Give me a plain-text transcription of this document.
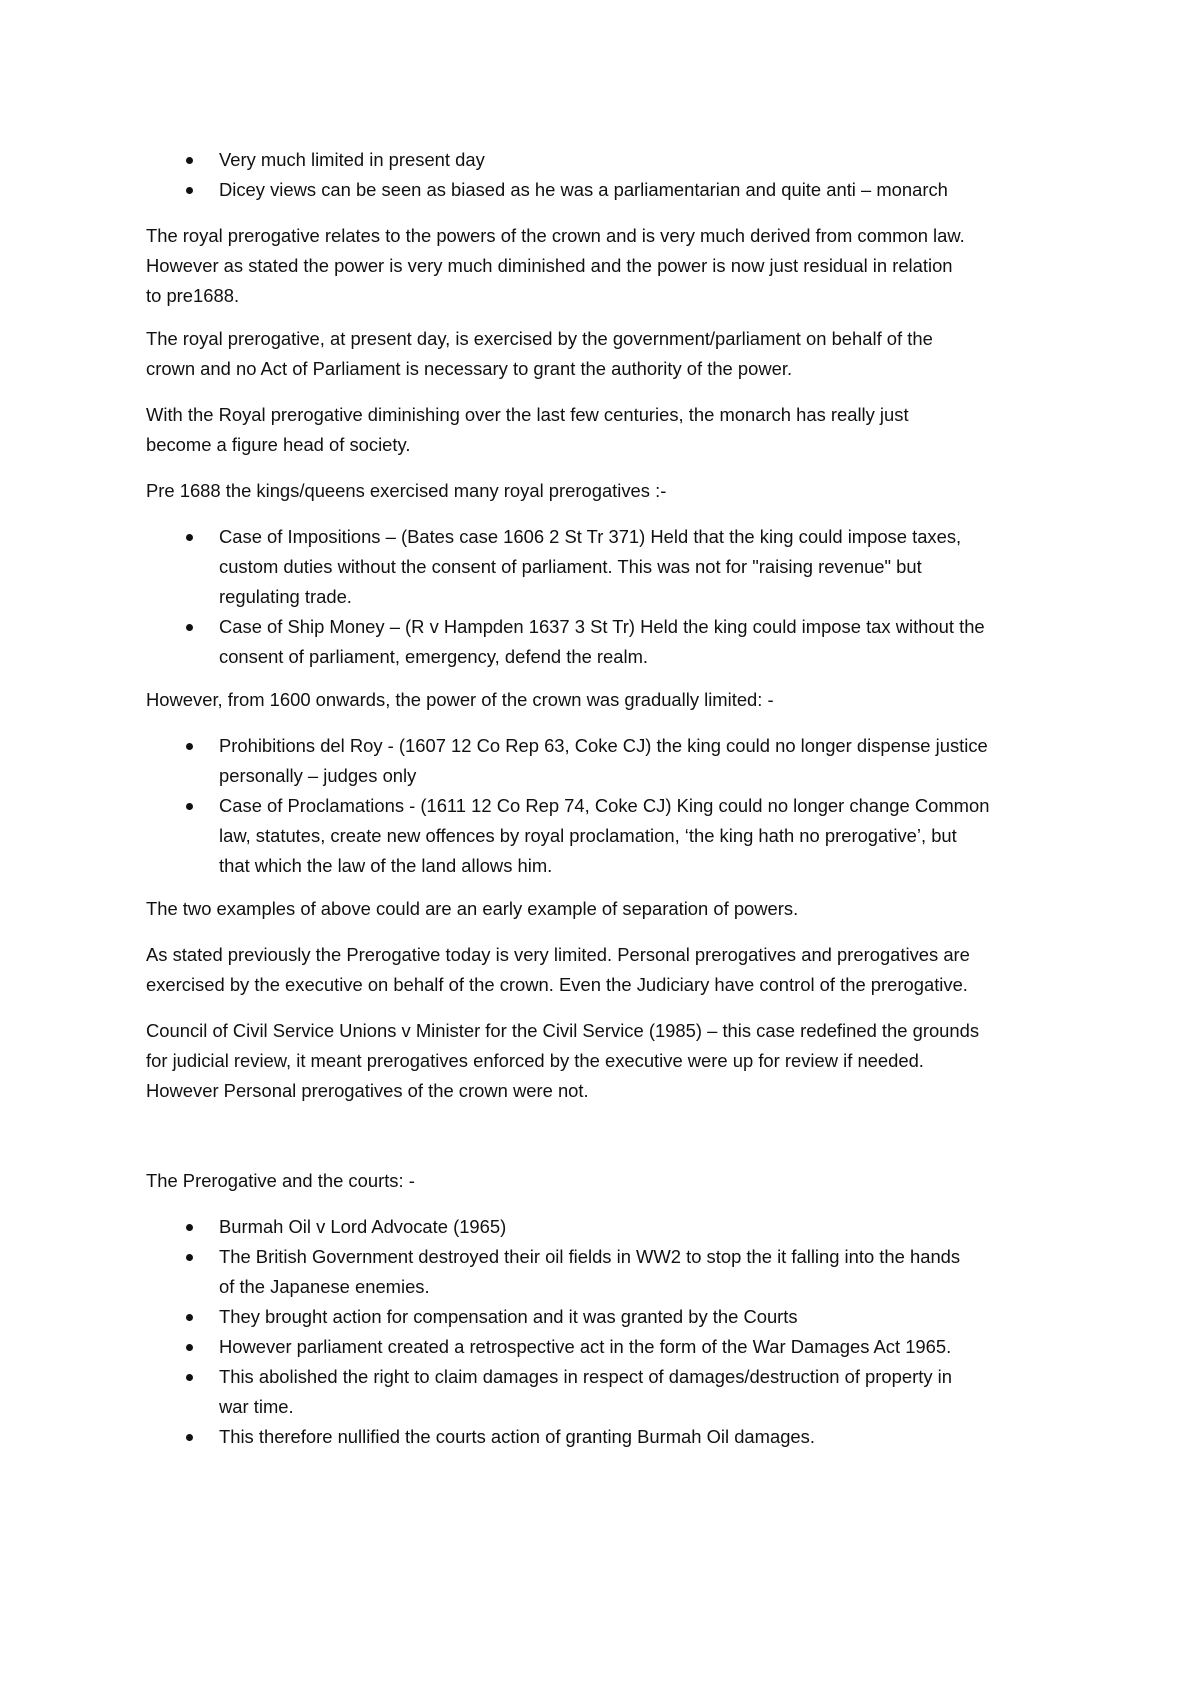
Very much limited in present day
Dicey views can be seen as biased as he was a parliamentarian and quite anti – monarch

The royal prerogative relates to the powers of the crown and is very much derived from common law.
However as stated the power is very much diminished and the power is now just residual in relation
to pre1688.

The royal prerogative, at present day, is exercised by the government/parliament on behalf of the
crown and no Act of Parliament is necessary to grant the authority of the power.

With the Royal prerogative diminishing over the last few centuries, the monarch has really just
become a figure head of society.

Pre 1688 the kings/queens exercised many royal prerogatives :-

Case of Impositions – (Bates case 1606 2 St Tr 371) Held that the king could impose taxes,
custom duties without the consent of parliament. This was not for "raising revenue" but
regulating trade.
Case of Ship Money – (R v Hampden 1637 3 St Tr) Held the king could impose tax without the
consent of parliament, emergency, defend the realm.

However, from 1600 onwards, the power of the crown was gradually limited: -

Prohibitions del Roy - (1607 12 Co Rep 63, Coke CJ) the king could no longer dispense justice
personally – judges only
Case of Proclamations - (1611 12 Co Rep 74, Coke CJ) King could no longer change Common
law, statutes, create new offences by royal proclamation, ‘the king hath no prerogative’, but
that which the law of the land allows him.

The two examples of above could are an early example of separation of powers.

As stated previously the Prerogative today is very limited. Personal prerogatives and prerogatives are
exercised by the executive on behalf of the crown. Even the Judiciary have control of the prerogative.

Council of Civil Service Unions v Minister for the Civil Service (1985) – this case redefined the grounds
for judicial review, it meant prerogatives enforced by the executive were up for review if needed.
However Personal prerogatives of the crown were not.

The Prerogative and the courts: -

Burmah Oil v Lord Advocate (1965)
The British Government destroyed their oil fields in WW2 to stop the it falling into the hands
of the Japanese enemies.
They brought action for compensation and it was granted by the Courts
However parliament created a retrospective act in the form of the War Damages Act 1965.
This abolished the right to claim damages in respect of damages/destruction of property in
war time.
This therefore nullified the courts action of granting Burmah Oil damages.
